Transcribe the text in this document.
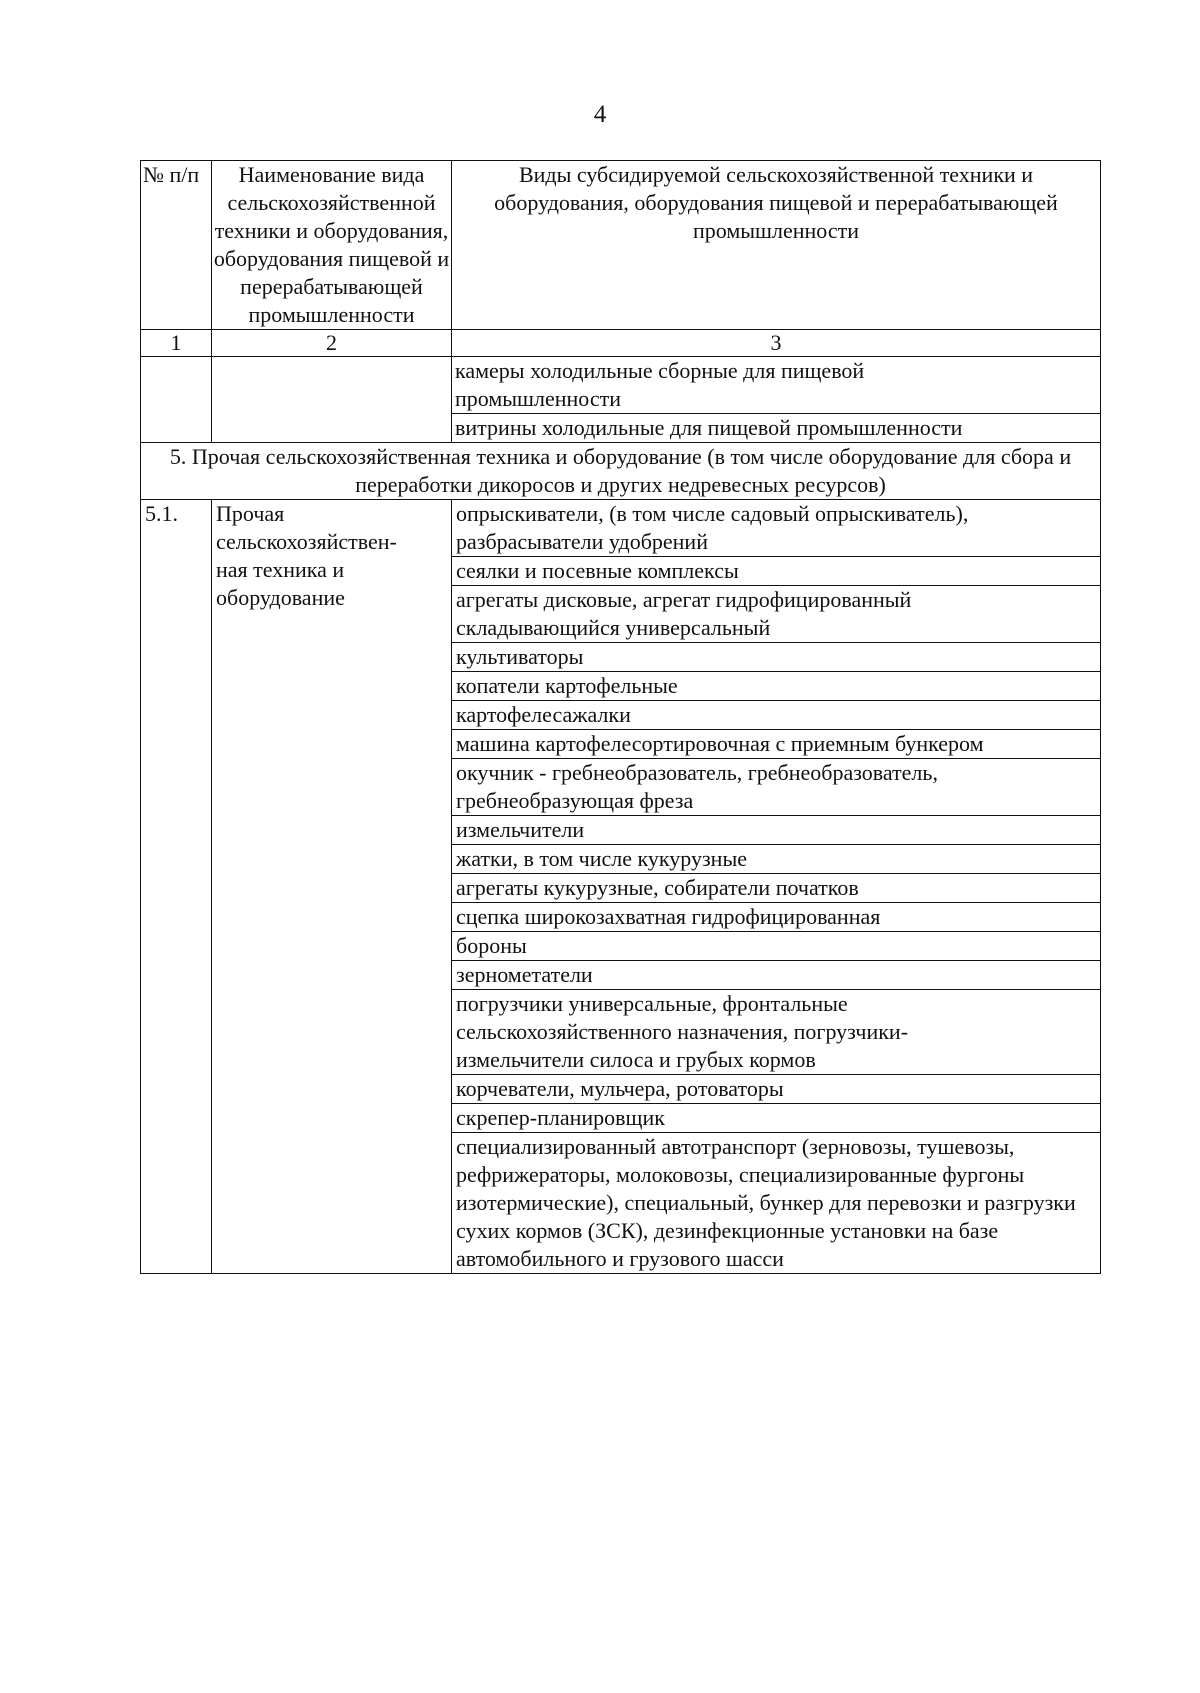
4
№ п/п	Наименование вида сельскохозяйственной техники и оборудования, оборудования пищевой и перерабатывающей промышленности	Виды субсидируемой сельскохозяйственной техники и оборудования, оборудования пищевой и перерабатывающей промышленности
1	2	3
		камеры холодильные сборные для пищевой промышленности
		витрины холодильные для пищевой промышленности
5. Прочая сельскохозяйственная техника и оборудование (в том числе оборудование для сбора и переработки дикоросов и других недревесных ресурсов)		
5.1.	Прочая сельскохозяйствен-ная техника и оборудование	опрыскиватели, (в том числе садовый опрыскиватель), разбрасыватели удобрений
		сеялки и посевные комплексы
		агрегаты дисковые, агрегат гидрофицированный складывающийся универсальный
		культиваторы
		копатели картофельные
		картофелесажалки
		машина картофелесортировочная с приемным бункером
		окучник - гребнеобразователь, гребнеобразователь, гребнеобразующая фреза
		измельчители
		жатки, в том числе кукурузные
		агрегаты кукурузные, собиратели початков
		сцепка широкозахватная гидрофицированная
		бороны
		зернометатели
		погрузчики универсальные, фронтальные сельскохозяйственного назначения, погрузчики-измельчители силоса и грубых кормов
		корчеватели, мульчера, ротоваторы
		скрепер-планировщик
		специализированный автотранспорт (зерновозы, тушевозы, рефрижераторы, молоковозы, специализированные фургоны изотермические), специальный, бункер для перевозки и разгрузки сухих кормов (ЗСК), дезинфекционные установки на базе автомобильного и грузового шасси
